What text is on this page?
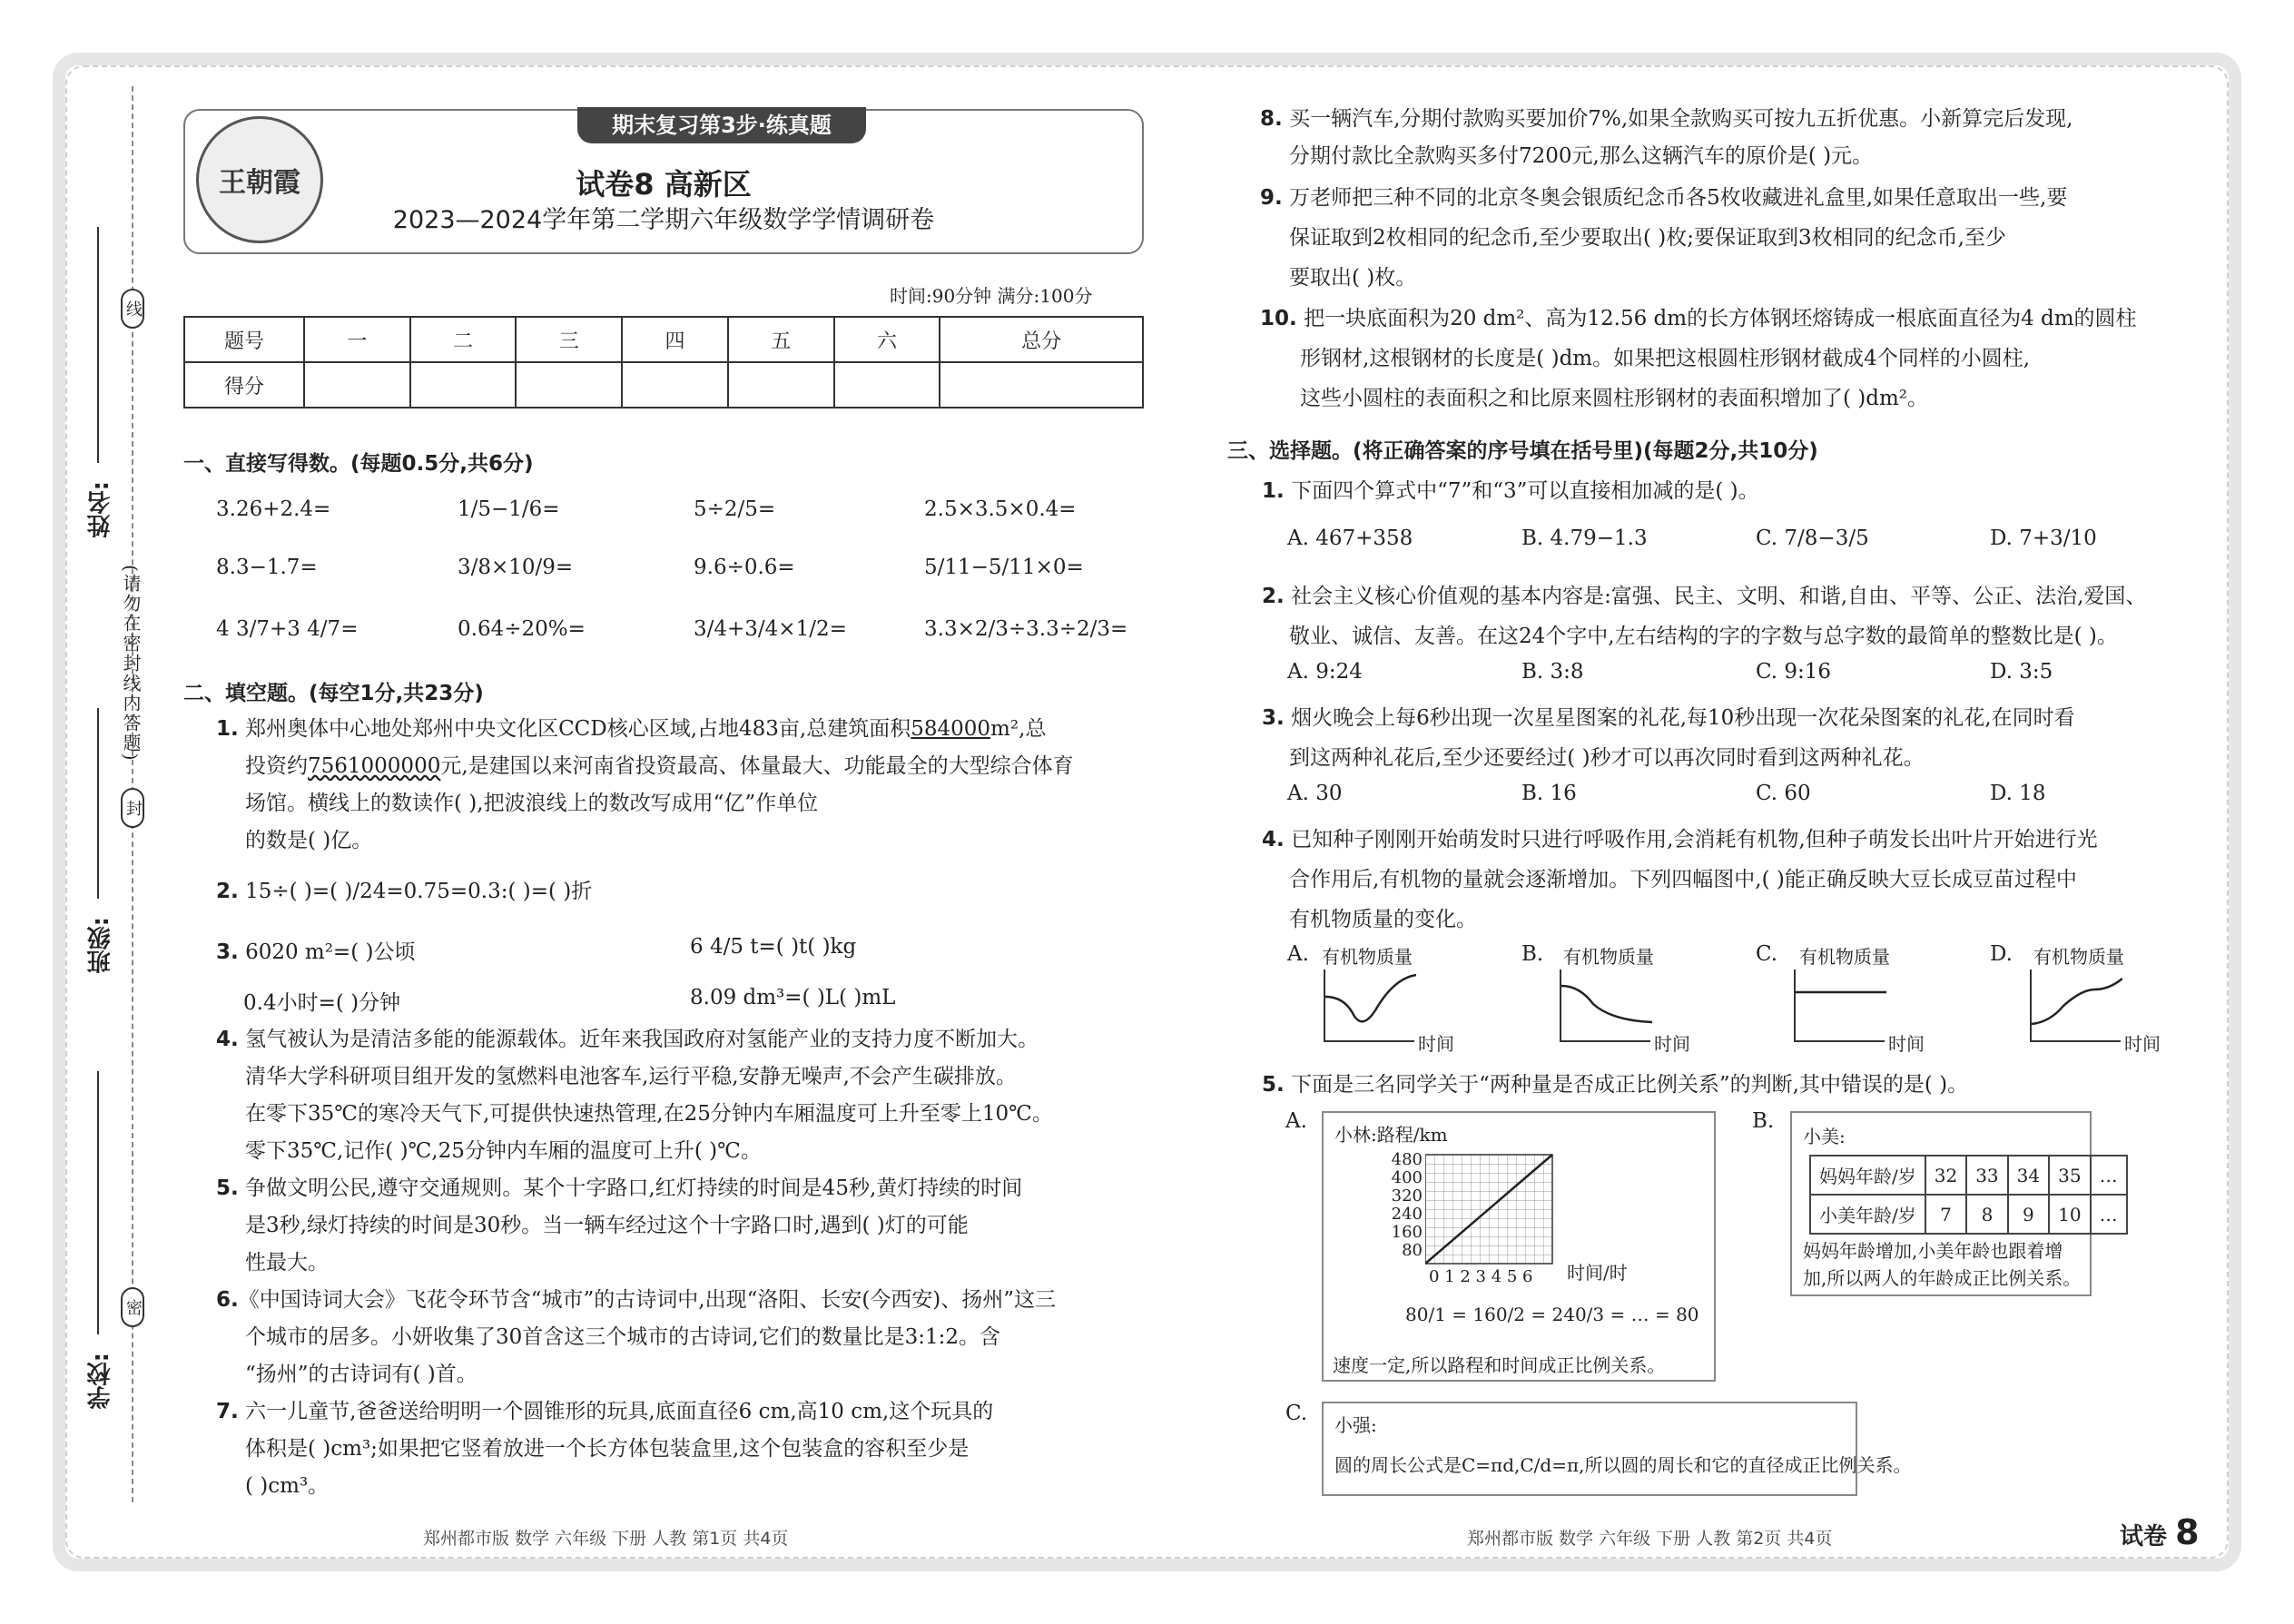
线
封
密
姓名:
班级:
学校:
(请勿在密封线内答题)
王朝霞
期末复习第3步·练真题
试卷8 高新区
2023—2024学年第二学期六年级数学学情调研卷
时间:90分钟 满分:100分
题号	一	二	三	四	五	六	总分
得分							
一、直接写得数。(每题0.5分,共6分)
3.26+2.4=	1/5−1/6=	5÷2/5=	2.5×3.5×0.4=
8.3−1.7=	3/8×10/9=	9.6÷0.6=	5/11−5/11×0=
4 3/7+3 4/7=	0.64÷20%=	3/4+3/4×1/2=	3.3×2/3÷3.3÷2/3=
二、填空题。(每空1分,共23分)
1. 郑州奥体中心地处郑州中央文化区CCD核心区域,占地483亩,总建筑面积584000m²,总
投资约7561000000元,是建国以来河南省投资最高、体量最大、功能最全的大型综合体育
场馆。横线上的数读作( ),把波浪线上的数改写成用“亿”作单位
的数是( )亿。
2. 15÷( )=( )/24=0.75=0.3:( )=( )折
3. 6020 m²=( )公顷	6 4/5 t=( )t( )kg
0.4小时=( )分钟	8.09 dm³=( )L( )mL
4. 氢气被认为是清洁多能的能源载体。近年来我国政府对氢能产业的支持力度不断加大。
清华大学科研项目组开发的氢燃料电池客车,运行平稳,安静无噪声,不会产生碳排放。
在零下35℃的寒冷天气下,可提供快速热管理,在25分钟内车厢温度可上升至零上10℃。
零下35℃,记作( )℃,25分钟内车厢的温度可上升( )℃。
5. 争做文明公民,遵守交通规则。某个十字路口,红灯持续的时间是45秒,黄灯持续的时间
是3秒,绿灯持续的时间是30秒。当一辆车经过这个十字路口时,遇到( )灯的可能
性最大。
6.《中国诗词大会》飞花令环节含“城市”的古诗词中,出现“洛阳、长安(今西安)、扬州”这三
个城市的居多。小妍收集了30首含这三个城市的古诗词,它们的数量比是3:1:2。含
“扬州”的古诗词有( )首。
7. 六一儿童节,爸爸送给明明一个圆锥形的玩具,底面直径6 cm,高10 cm,这个玩具的
体积是( )cm³;如果把它竖着放进一个长方体包装盒里,这个包装盒的容积至少是
( )cm³。
8. 买一辆汽车,分期付款购买要加价7%,如果全款购买可按九五折优惠。小新算完后发现,
分期付款比全款购买多付7200元,那么这辆汽车的原价是( )元。
9. 万老师把三种不同的北京冬奥会银质纪念币各5枚收藏进礼盒里,如果任意取出一些,要
保证取到2枚相同的纪念币,至少要取出( )枚;要保证取到3枚相同的纪念币,至少
要取出( )枚。
10. 把一块底面积为20 dm²、高为12.56 dm的长方体钢坯熔铸成一根底面直径为4 dm的圆柱
形钢材,这根钢材的长度是( )dm。如果把这根圆柱形钢材截成4个同样的小圆柱,
这些小圆柱的表面积之和比原来圆柱形钢材的表面积增加了( )dm²。
三、选择题。(将正确答案的序号填在括号里)(每题2分,共10分)
1. 下面四个算式中“7”和“3”可以直接相加减的是( )。
A. 467+358	B. 4.79−1.3	C. 7/8−3/5	D. 7+3/10
2. 社会主义核心价值观的基本内容是:富强、民主、文明、和谐,自由、平等、公正、法治,爱国、
敬业、诚信、友善。在这24个字中,左右结构的字的字数与总字数的最简单的整数比是( )。
A. 9:24	B. 3:8	C. 9:16	D. 3:5
3. 烟火晚会上每6秒出现一次星星图案的礼花,每10秒出现一次花朵图案的礼花,在同时看
到这两种礼花后,至少还要经过( )秒才可以再次同时看到这两种礼花。
A. 30	B. 16	C. 60	D. 18
4. 已知种子刚刚开始萌发时只进行呼吸作用,会消耗有机物,但种子萌发长出叶片开始进行光
合作用后,有机物的量就会逐渐增加。下列四幅图中,( )能正确反映大豆长成豆苗过程中
有机物质量的变化。
A. 有机物质量
时间
B. 有机物质量
时间
C. 有机物质量
时间
D. 有机物质量
时间
5. 下面是三名同学关于“两种量是否成正比例关系”的判断,其中错误的是( )。
A.
小林:路程/km
480
400
320
240
160
80
0 1 2 3 4 5 6 时间/时
80/1 = 160/2 = 240/3 = … = 80
速度一定,所以路程和时间成正比例关系。
B.
小美:
妈妈年龄/岁	32	33	34	35	…
小美年龄/岁	7	8	9	10	…
妈妈年龄增加,小美年龄也跟着增
加,所以两人的年龄成正比例关系。
C. 小强:
圆的周长公式是C=πd,C/d=π,所以圆的周长和它的直径成正比例关系。
郑州都市版 数学 六年级 下册 人教 第1页 共4页	郑州都市版 数学 六年级 下册 人教 第2页 共4页	试卷 8
